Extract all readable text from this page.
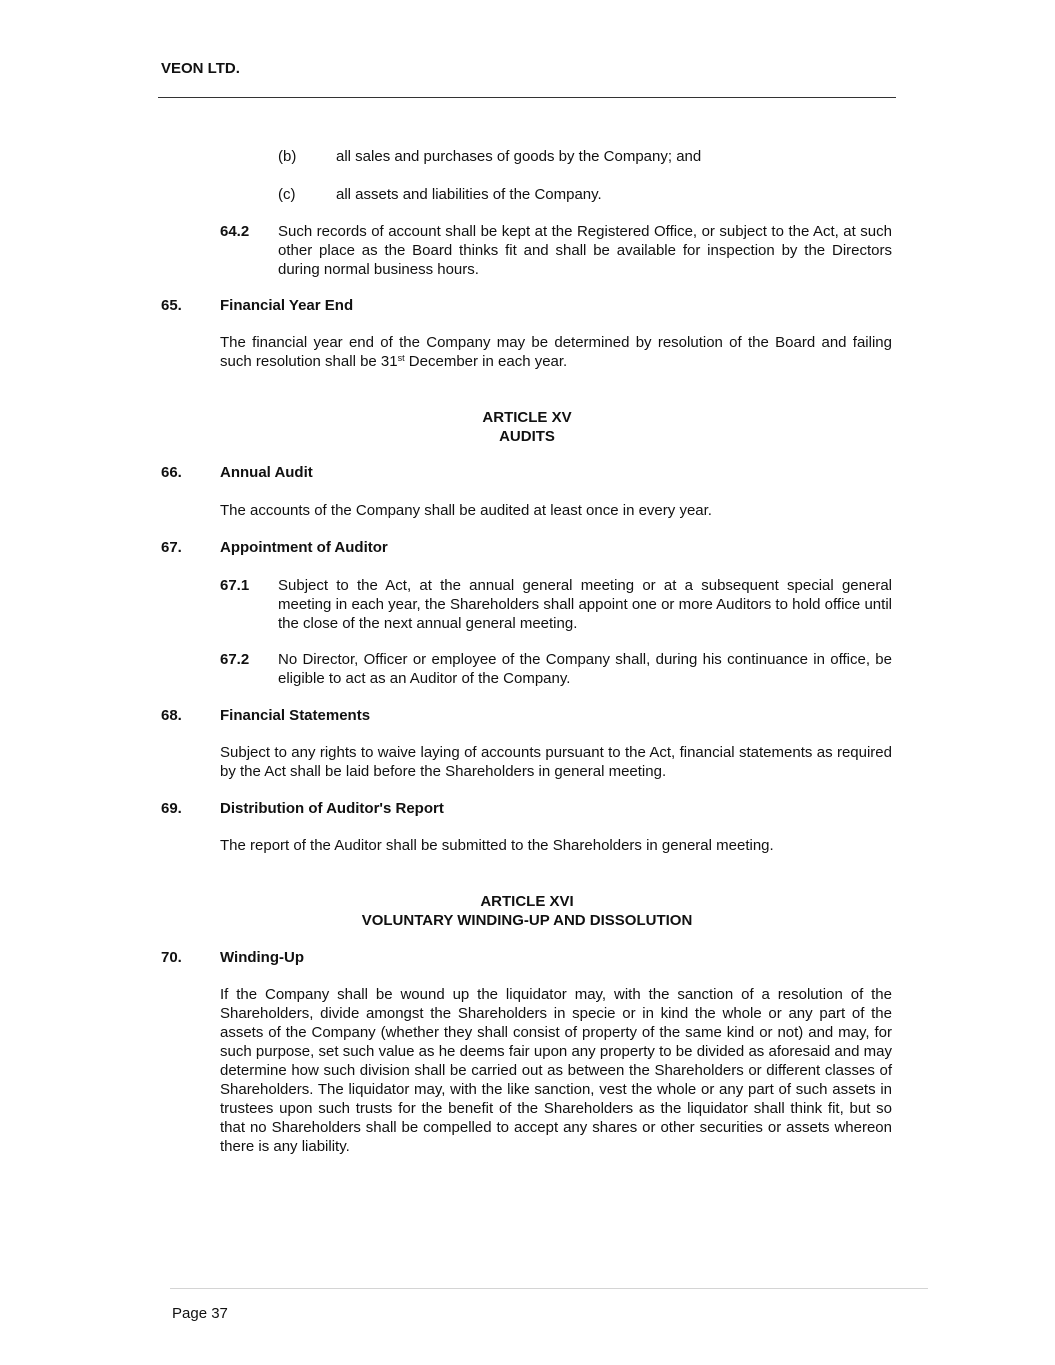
VEON LTD.
(b)	all sales and purchases of goods by the Company; and
(c)	all assets and liabilities of the Company.
64.2 Such records of account shall be kept at the Registered Office, or subject to the Act, at such other place as the Board thinks fit and shall be available for inspection by the Directors during normal business hours.
65.	Financial Year End
The financial year end of the Company may be determined by resolution of the Board and failing such resolution shall be 31st December in each year.
ARTICLE XV
AUDITS
66.	Annual Audit
The accounts of the Company shall be audited at least once in every year.
67.	Appointment of Auditor
67.1 Subject to the Act, at the annual general meeting or at a subsequent special general meeting in each year, the Shareholders shall appoint one or more Auditors to hold office until the close of the next annual general meeting.
67.2 No Director, Officer or employee of the Company shall, during his continuance in office, be eligible to act as an Auditor of the Company.
68.	Financial Statements
Subject to any rights to waive laying of accounts pursuant to the Act, financial statements as required by the Act shall be laid before the Shareholders in general meeting.
69.	Distribution of Auditor's Report
The report of the Auditor shall be submitted to the Shareholders in general meeting.
ARTICLE XVI
VOLUNTARY WINDING-UP AND DISSOLUTION
70.	Winding-Up
If the Company shall be wound up the liquidator may, with the sanction of a resolution of the Shareholders, divide amongst the Shareholders in specie or in kind the whole or any part of the assets of the Company (whether they shall consist of property of the same kind or not) and may, for such purpose, set such value as he deems fair upon any property to be divided as aforesaid and may determine how such division shall be carried out as between the Shareholders or different classes of Shareholders. The liquidator may, with the like sanction, vest the whole or any part of such assets in trustees upon such trusts for the benefit of the Shareholders as the liquidator shall think fit, but so that no Shareholders shall be compelled to accept any shares or other securities or assets whereon there is any liability.
Page 37
